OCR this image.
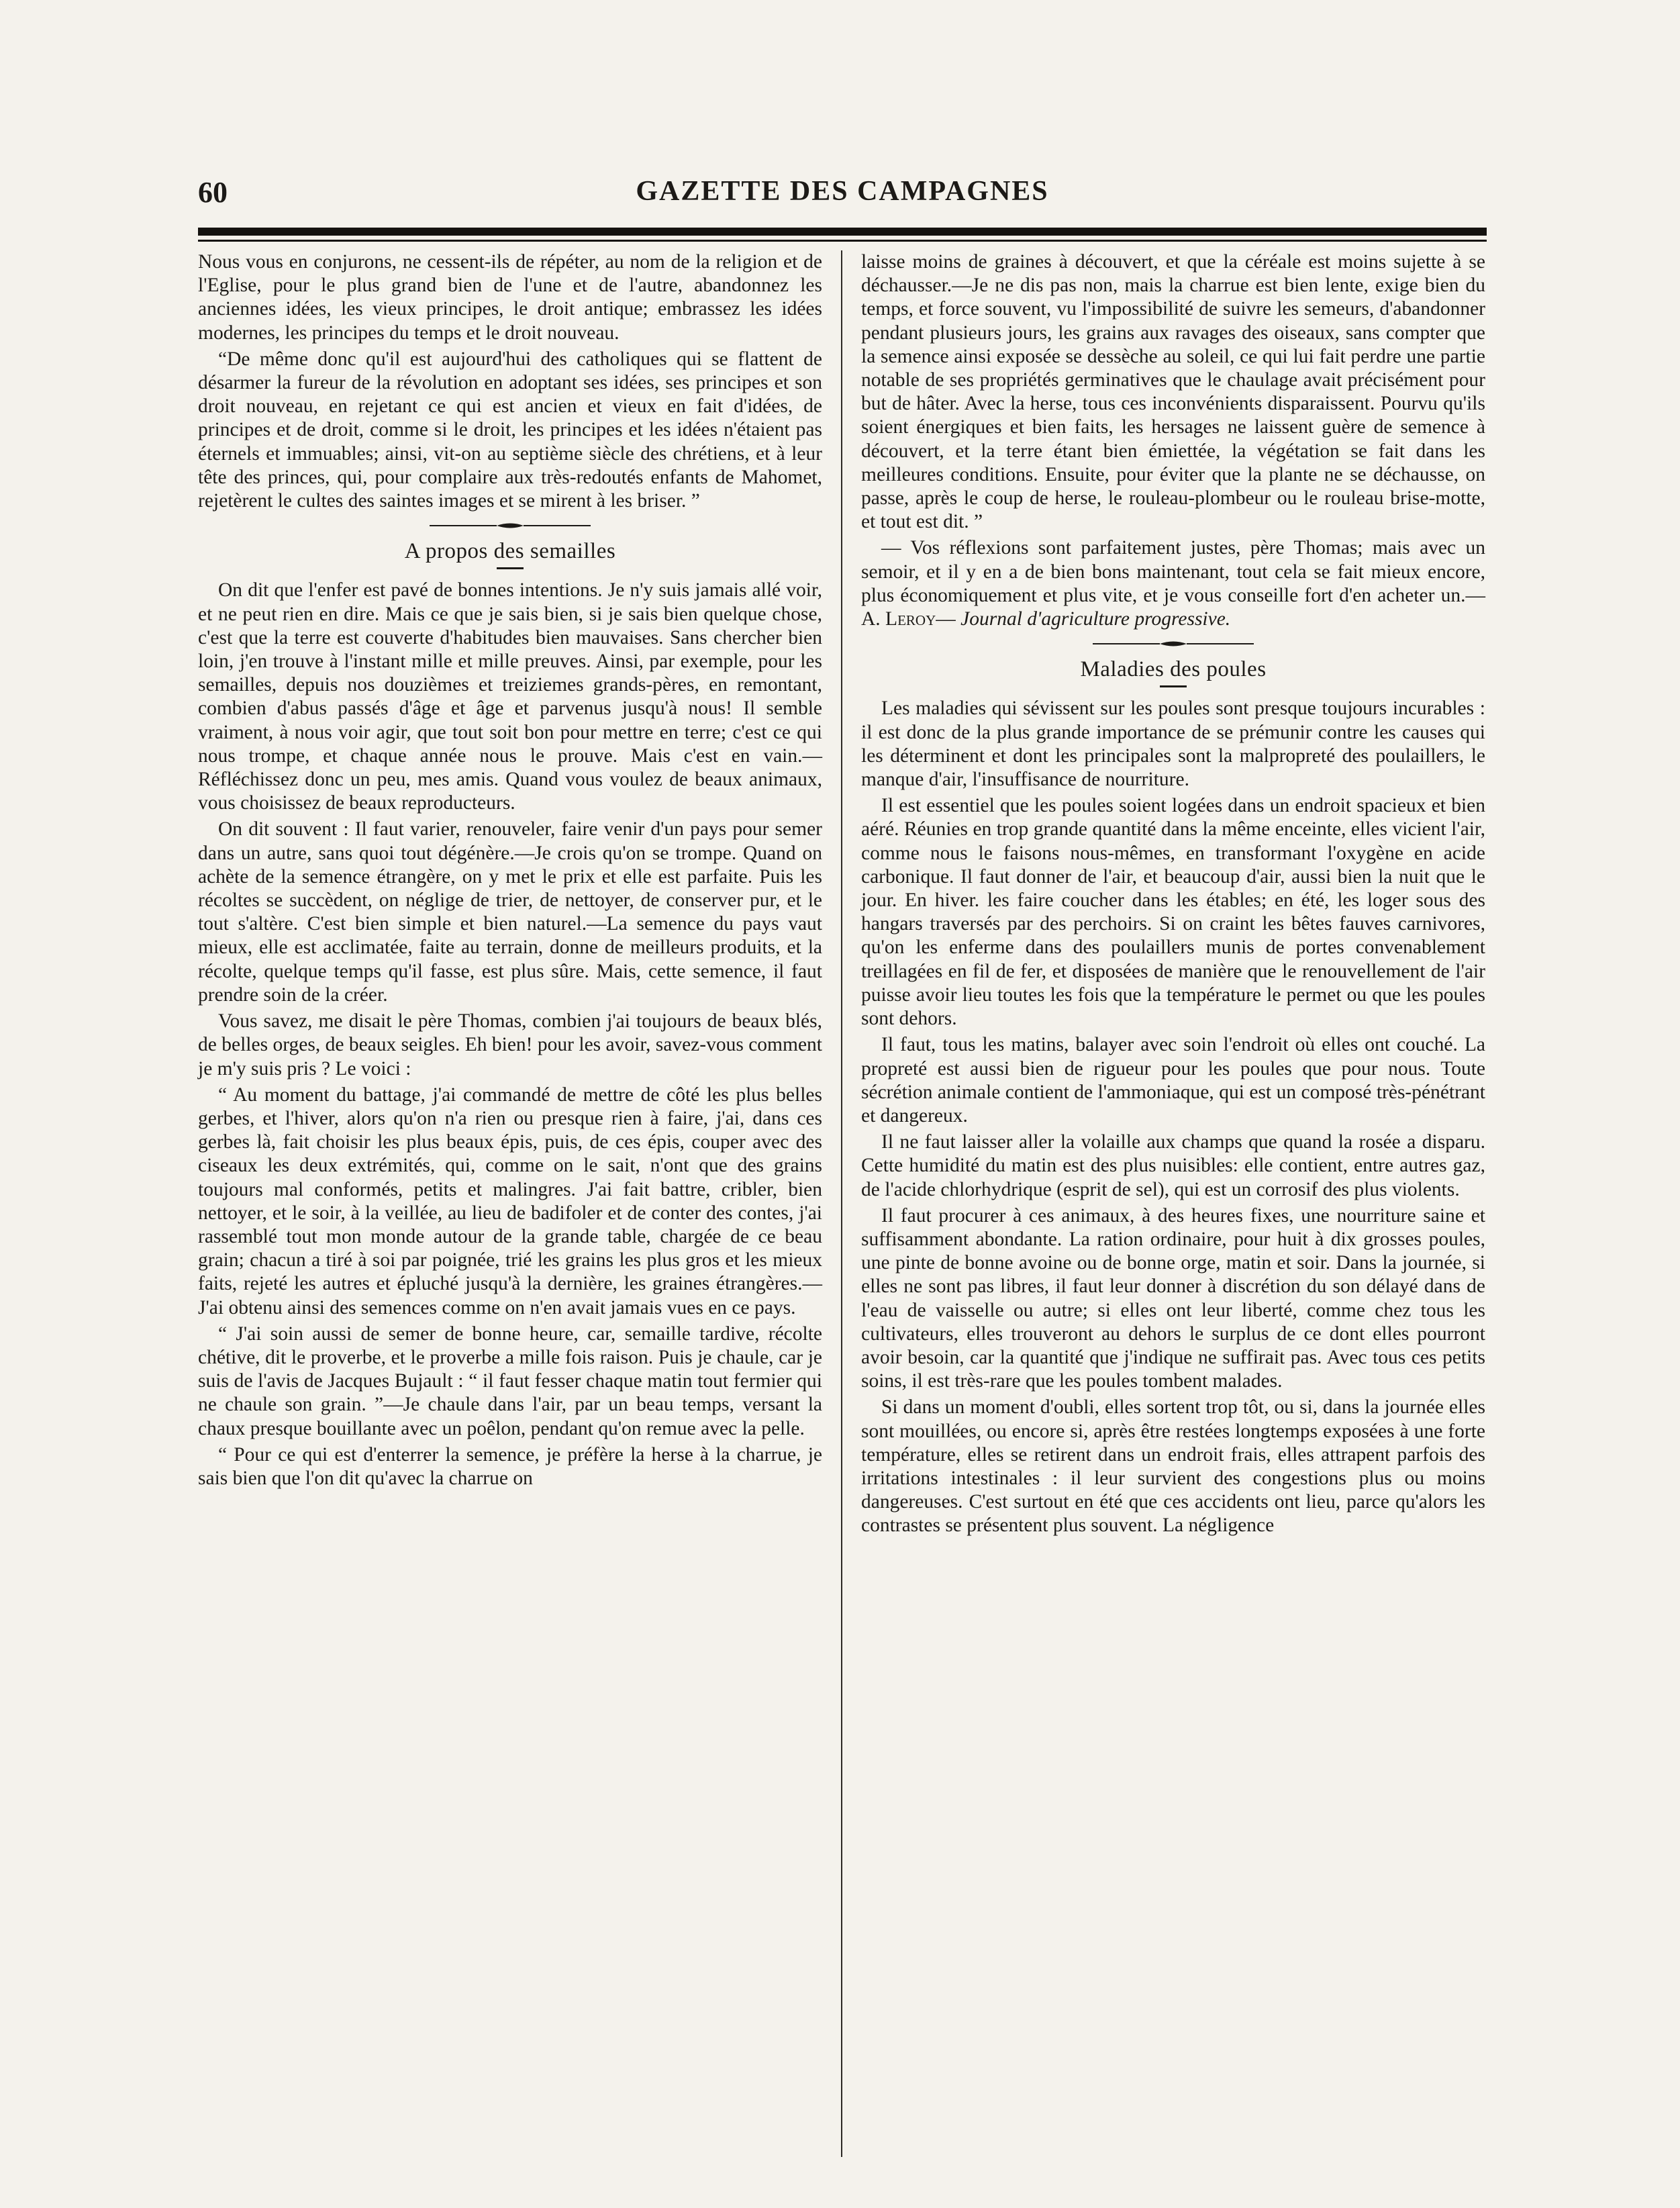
60	GAZETTE DES CAMPAGNES

Nous vous en conjurons, ne cessent-ils de répéter, au nom de la religion et de l'Eglise, pour le plus grand bien de l'une et de l'autre, abandonnez les anciennes idées, les vieux principes, le droit antique; embrassez les idées modernes, les principes du temps et le droit nouveau.

“De même donc qu'il est aujourd'hui des catholiques qui se flattent de désarmer la fureur de la révolution en adoptant ses idées, ses principes et son droit nouveau, en rejetant ce qui est ancien et vieux en fait d'idées, de principes et de droit, comme si le droit, les principes et les idées n'étaient pas éternels et immuables; ainsi, vit-on au septième siècle des chrétiens, et à leur tête des princes, qui, pour complaire aux très-redoutés enfants de Mahomet, rejetèrent le cultes des saintes images et se mirent à les briser. ”

A propos des semailles

On dit que l'enfer est pavé de bonnes intentions. Je n'y suis jamais allé voir, et ne peut rien en dire. Mais ce que je sais bien, si je sais bien quelque chose, c'est que la terre est couverte d'habitudes bien mauvaises. Sans chercher bien loin, j'en trouve à l'instant mille et mille preuves. Ainsi, par exemple, pour les semailles, depuis nos douzièmes et treiziemes grands-pères, en remontant, combien d'abus passés d'âge et âge et parvenus jusqu'à nous! Il semble vraiment, à nous voir agir, que tout soit bon pour mettre en terre; c'est ce qui nous trompe, et chaque année nous le prouve. Mais c'est en vain.—Réfléchissez donc un peu, mes amis. Quand vous voulez de beaux animaux, vous choisissez de beaux reproducteurs.

On dit souvent : Il faut varier, renouveler, faire venir d'un pays pour semer dans un autre, sans quoi tout dégénère.—Je crois qu'on se trompe. Quand on achète de la semence étrangère, on y met le prix et elle est parfaite. Puis les récoltes se succèdent, on néglige de trier, de nettoyer, de conserver pur, et le tout s'altère. C'est bien simple et bien naturel.—La semence du pays vaut mieux, elle est acclimatée, faite au terrain, donne de meilleurs produits, et la récolte, quelque temps qu'il fasse, est plus sûre. Mais, cette semence, il faut prendre soin de la créer.

Vous savez, me disait le père Thomas, combien j'ai toujours de beaux blés, de belles orges, de beaux seigles. Eh bien! pour les avoir, savez-vous comment je m'y suis pris ? Le voici :

“ Au moment du battage, j'ai commandé de mettre de côté les plus belles gerbes, et l'hiver, alors qu'on n'a rien ou presque rien à faire, j'ai, dans ces gerbes là, fait choisir les plus beaux épis, puis, de ces épis, couper avec des ciseaux les deux extrémités, qui, comme on le sait, n'ont que des grains toujours mal conformés, petits et malingres. J'ai fait battre, cribler, bien nettoyer, et le soir, à la veillée, au lieu de badifoler et de conter des contes, j'ai rassemblé tout mon monde autour de la grande table, chargée de ce beau grain; chacun a tiré à soi par poignée, trié les grains les plus gros et les mieux faits, rejeté les autres et épluché jusqu'à la dernière, les graines étrangères.—J'ai obtenu ainsi des semences comme on n'en avait jamais vues en ce pays.

“ J'ai soin aussi de semer de bonne heure, car, semaille tardive, récolte chétive, dit le proverbe, et le proverbe a mille fois raison. Puis je chaule, car je suis de l'avis de Jacques Bujault : “ il faut fesser chaque matin tout fermier qui ne chaule son grain. ”—Je chaule dans l'air, par un beau temps, versant la chaux presque bouillante avec un poêlon, pendant qu'on remue avec la pelle.

“ Pour ce qui est d'enterrer la semence, je préfère la herse à la charrue, je sais bien que l'on dit qu'avec la charrue on

laisse moins de graines à découvert, et que la céréale est moins sujette à se déchausser.—Je ne dis pas non, mais la charrue est bien lente, exige bien du temps, et force souvent, vu l'impossibilité de suivre les semeurs, d'abandonner pendant plusieurs jours, les grains aux ravages des oiseaux, sans compter que la semence ainsi exposée se dessèche au soleil, ce qui lui fait perdre une partie notable de ses propriétés germinatives que le chaulage avait précisément pour but de hâter. Avec la herse, tous ces inconvénients disparaissent. Pourvu qu'ils soient énergiques et bien faits, les hersages ne laissent guère de semence à découvert, et la terre étant bien émiettée, la végétation se fait dans les meilleures conditions. Ensuite, pour éviter que la plante ne se déchausse, on passe, après le coup de herse, le rouleau-plombeur ou le rouleau brise-motte, et tout est dit. ”

— Vos réflexions sont parfaitement justes, père Thomas; mais avec un semoir, et il y en a de bien bons maintenant, tout cela se fait mieux encore, plus économiquement et plus vite, et je vous conseille fort d'en acheter un.—A. Leroy— Journal d'agriculture progressive.

Maladies des poules

Les maladies qui sévissent sur les poules sont presque toujours incurables : il est donc de la plus grande importance de se prémunir contre les causes qui les déterminent et dont les principales sont la malpropreté des poulaillers, le manque d'air, l'insuffisance de nourriture.

Il est essentiel que les poules soient logées dans un endroit spacieux et bien aéré. Réunies en trop grande quantité dans la même enceinte, elles vicient l'air, comme nous le faisons nous-mêmes, en transformant l'oxygène en acide carbonique. Il faut donner de l'air, et beaucoup d'air, aussi bien la nuit que le jour. En hiver. les faire coucher dans les étables; en été, les loger sous des hangars traversés par des perchoirs. Si on craint les bêtes fauves carnivores, qu'on les enferme dans des poulaillers munis de portes convenablement treillagées en fil de fer, et disposées de manière que le renouvellement de l'air puisse avoir lieu toutes les fois que la température le permet ou que les poules sont dehors.

Il faut, tous les matins, balayer avec soin l'endroit où elles ont couché. La propreté est aussi bien de rigueur pour les poules que pour nous. Toute sécrétion animale contient de l'ammoniaque, qui est un composé très-pénétrant et dangereux.

Il ne faut laisser aller la volaille aux champs que quand la rosée a disparu. Cette humidité du matin est des plus nuisibles: elle contient, entre autres gaz, de l'acide chlorhydrique (esprit de sel), qui est un corrosif des plus violents.

Il faut procurer à ces animaux, à des heures fixes, une nourriture saine et suffisamment abondante. La ration ordinaire, pour huit à dix grosses poules, une pinte de bonne avoine ou de bonne orge, matin et soir. Dans la journée, si elles ne sont pas libres, il faut leur donner à discrétion du son délayé dans de l'eau de vaisselle ou autre; si elles ont leur liberté, comme chez tous les cultivateurs, elles trouveront au dehors le surplus de ce dont elles pourront avoir besoin, car la quantité que j'indique ne suffirait pas. Avec tous ces petits soins, il est très-rare que les poules tombent malades.

Si dans un moment d'oubli, elles sortent trop tôt, ou si, dans la journée elles sont mouillées, ou encore si, après être restées longtemps exposées à une forte température, elles se retirent dans un endroit frais, elles attrapent parfois des irritations intestinales : il leur survient des congestions plus ou moins dangereuses. C'est surtout en été que ces accidents ont lieu, parce qu'alors les contrastes se présentent plus souvent. La négligence
